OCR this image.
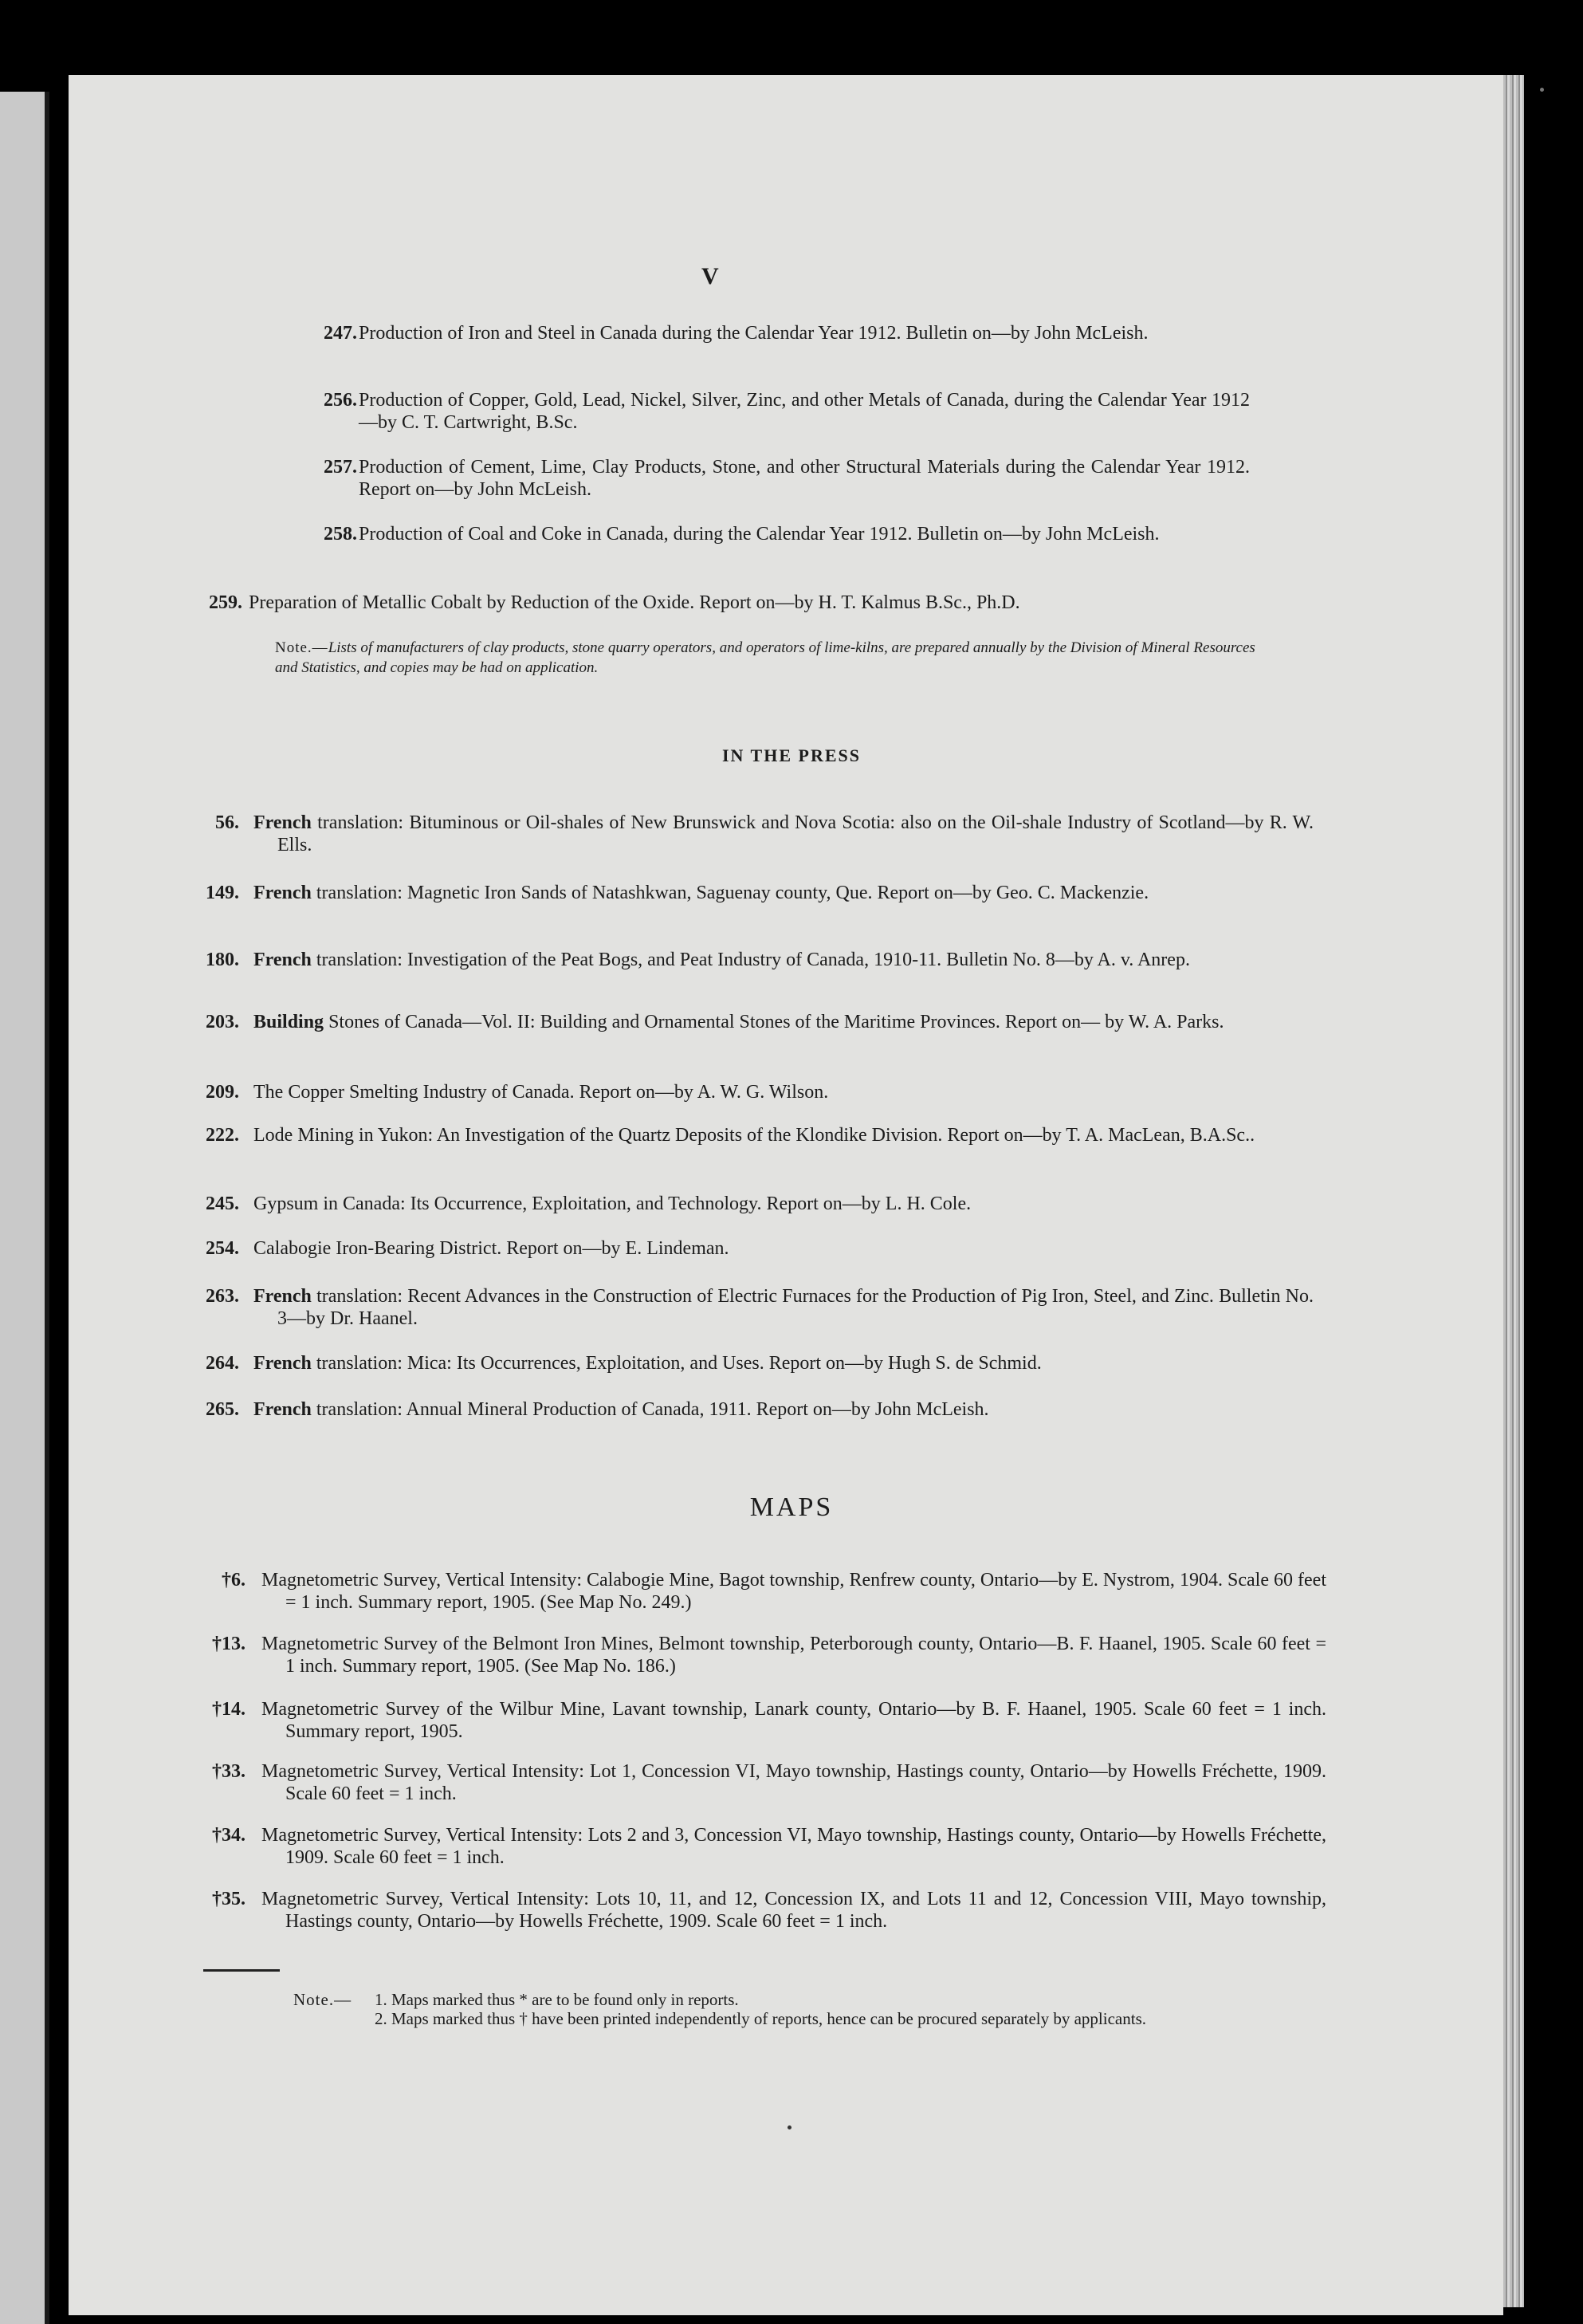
V
247. Production of Iron and Steel in Canada during the Calendar Year 1912. Bulletin on—by John McLeish.
256. Production of Copper, Gold, Lead, Nickel, Silver, Zinc, and other Metals of Canada, during the Calendar Year 1912—by C. T. Cartwright, B.Sc.
257. Production of Cement, Lime, Clay Products, Stone, and other Structural Materials during the Calendar Year 1912. Report on—by John McLeish.
258. Production of Coal and Coke in Canada, during the Calendar Year 1912. Bulletin on—by John McLeish.
259. Preparation of Metallic Cobalt by Reduction of the Oxide. Report on—by H. T. Kalmus B.Sc., Ph.D.
Note.—Lists of manufacturers of clay products, stone quarry operators, and operators of lime-kilns, are prepared annually by the Division of Mineral Resources and Statistics, and copies may be had on application.
IN THE PRESS
56. French translation: Bituminous or Oil-shales of New Brunswick and Nova Scotia: also on the Oil-shale Industry of Scotland—by R. W. Ells.
149. French translation: Magnetic Iron Sands of Natashkwan, Saguenay county, Que. Report on—by Geo. C. Mackenzie.
180. French translation: Investigation of the Peat Bogs, and Peat Industry of Canada, 1910-11. Bulletin No. 8—by A. v. Anrep.
203. Building Stones of Canada—Vol. II: Building and Ornamental Stones of the Maritime Provinces. Report on— by W. A. Parks.
209. The Copper Smelting Industry of Canada. Report on—by A. W. G. Wilson.
222. Lode Mining in Yukon: An Investigation of the Quartz Deposits of the Klondike Division. Report on—by T. A. MacLean, B.A.Sc..
245. Gypsum in Canada: Its Occurrence, Exploitation, and Technology. Report on—by L. H. Cole.
254. Calabogie Iron-Bearing District. Report on—by E. Lindeman.
263. French translation: Recent Advances in the Construction of Electric Furnaces for the Production of Pig Iron, Steel, and Zinc. Bulletin No. 3—by Dr. Haanel.
264. French translation: Mica: Its Occurrences, Exploitation, and Uses. Report on—by Hugh S. de Schmid.
265. French translation: Annual Mineral Production of Canada, 1911. Report on—by John McLeish.
MAPS
†6. Magnetometric Survey, Vertical Intensity: Calabogie Mine, Bagot township, Renfrew county, Ontario—by E. Nystrom, 1904. Scale 60 feet = 1 inch. Summary report, 1905. (See Map No. 249.)
†13. Magnetometric Survey of the Belmont Iron Mines, Belmont township, Peterborough county, Ontario—B. F. Haanel, 1905. Scale 60 feet = 1 inch. Summary report, 1905. (See Map No. 186.)
†14. Magnetometric Survey of the Wilbur Mine, Lavant township, Lanark county, Ontario—by B. F. Haanel, 1905. Scale 60 feet = 1 inch. Summary report, 1905.
†33. Magnetometric Survey, Vertical Intensity: Lot 1, Concession VI, Mayo township, Hastings county, Ontario—by Howells Fréchette, 1909. Scale 60 feet = 1 inch.
†34. Magnetometric Survey, Vertical Intensity: Lots 2 and 3, Concession VI, Mayo township, Hastings county, Ontario—by Howells Fréchette, 1909. Scale 60 feet = 1 inch.
†35. Magnetometric Survey, Vertical Intensity: Lots 10, 11, and 12, Concession IX, and Lots 11 and 12, Concession VIII, Mayo township, Hastings county, Ontario—by Howells Fréchette, 1909. Scale 60 feet = 1 inch.
Note.— 1. Maps marked thus * are to be found only in reports.
2. Maps marked thus † have been printed independently of reports, hence can be procured separately by applicants.
